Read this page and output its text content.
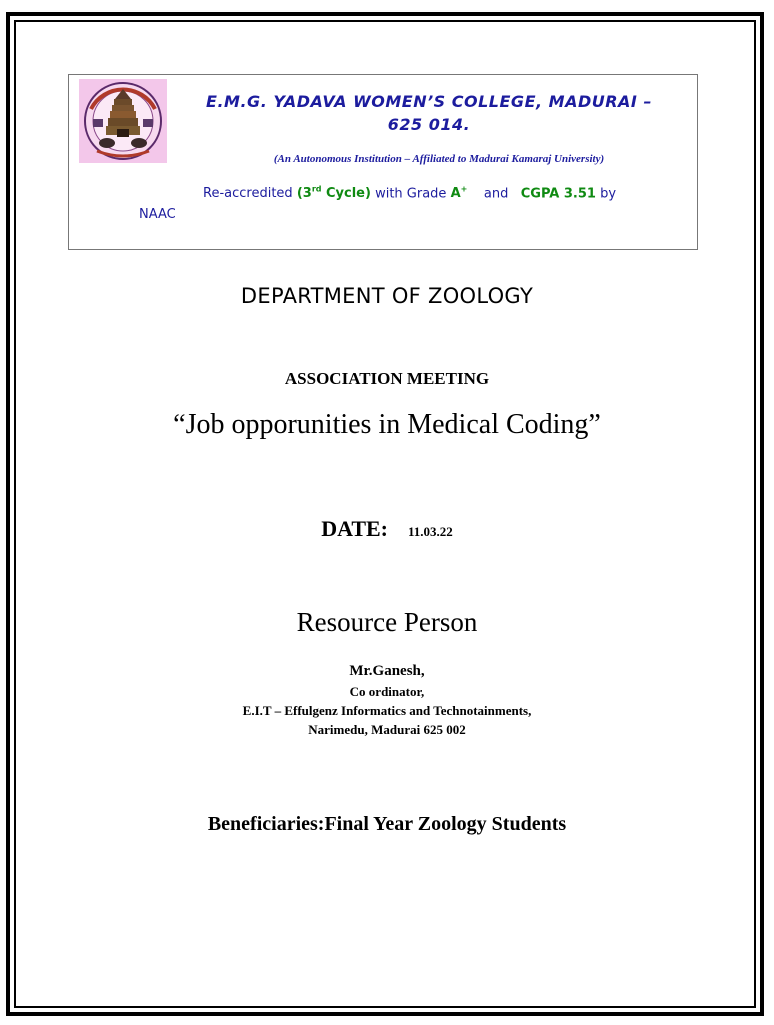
E.M.G. YADAVA WOMEN’S COLLEGE, MADURAI – 625 014.
(An Autonomous Institution – Affiliated to Madurai Kamaraj University)
Re-accredited (3rd Cycle) with Grade A+ and CGPA 3.51 by
NAAC
DEPARTMENT OF ZOOLOGY
ASSOCIATION MEETING
“Job opporunities in Medical Coding”
DATE: 11.03.22
Resource Person
Mr.Ganesh,
Co ordinator,
E.I.T – Effulgenz Informatics and Technotainments,
Narimedu, Madurai 625 002
Beneficiaries:Final Year Zoology Students
